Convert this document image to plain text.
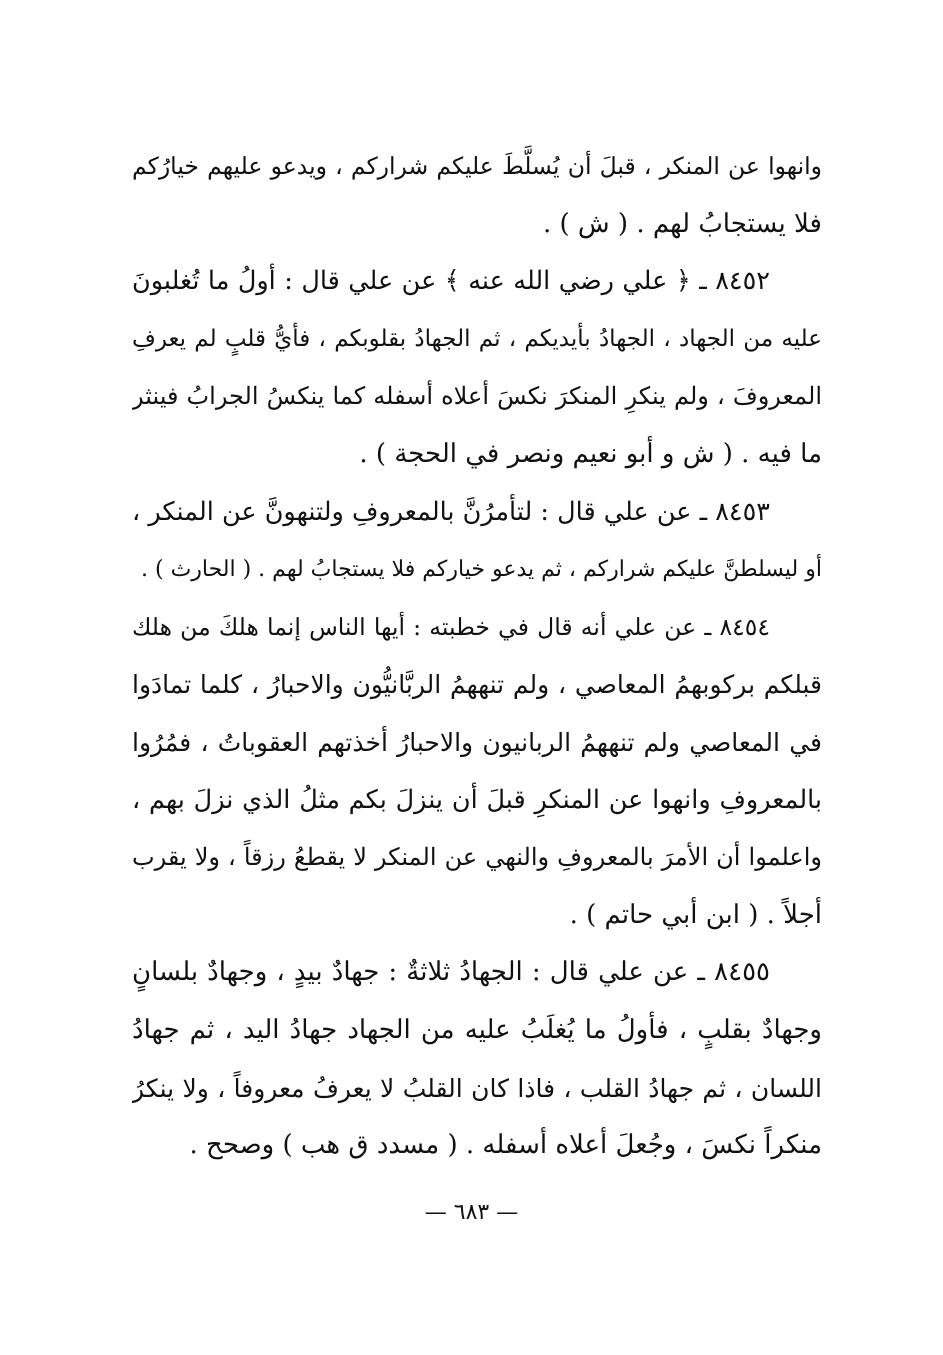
وانهوا عن المنكر ، قبلَ أن يُسلَّطَ عليكم شراركم ، ويدعو عليهم خيارُكم
فلا يستجابُ لهم . ( ش ) .
٨٤٥٢ ـ ﴿ علي رضي الله عنه ﴾ عن علي قال : أولُ ما تُغلبونَ
عليه من الجهاد ، الجهادُ بأيديكم ، ثم الجهادُ بقلوبكم ، فأيُّ قلبٍ لم يعرفِ
المعروفَ ، ولم ينكرِ المنكرَ نكسَ أعلاه أسفله كما ينكسُ الجرابُ فينثر
ما فيه . ( ش و أبو نعيم ونصر في الحجة ) .
٨٤٥٣ ـ عن علي قال : لتأمرُنَّ بالمعروفِ ولتنهونَّ عن المنكر ،
أو ليسلطنَّ عليكم شراركم ، ثم يدعو خياركم فلا يستجابُ لهم . ( الحارث ) .
٨٤٥٤ ـ عن علي أنه قال في خطبته : أيها الناس إنما هلكَ من هلك
قبلكم بركوبهمُ المعاصي ، ولم تنههمُ الربَّانيُّون والاحبارُ ، كلما تمادَوا
في المعاصي ولم تنههمُ الربانيون والاحبارُ أخذتهم العقوباتُ ، فمُرُوا
بالمعروفِ وانهوا عن المنكرِ قبلَ أن ينزلَ بكم مثلُ الذي نزلَ بهم ،
واعلموا أن الأمرَ بالمعروفِ والنهي عن المنكر لا يقطعُ رزقاً ، ولا يقرب
أجلاً . ( ابن أبي حاتم ) .
٨٤٥٥ ـ عن علي قال : الجهادُ ثلاثةٌ : جهادٌ بيدٍ ، وجهادٌ بلسانٍ
وجهادٌ بقلبٍ ، فأولُ ما يُغلَبُ عليه من الجهاد جهادُ اليد ، ثم جهادُ
اللسان ، ثم جهادُ القلب ، فاذا كان القلبُ لا يعرفُ معروفاً ، ولا ينكرُ
منكراً نكسَ ، وجُعلَ أعلاه أسفله . ( مسدد ق هب ) وصحح .
— ٦٨٣ —
